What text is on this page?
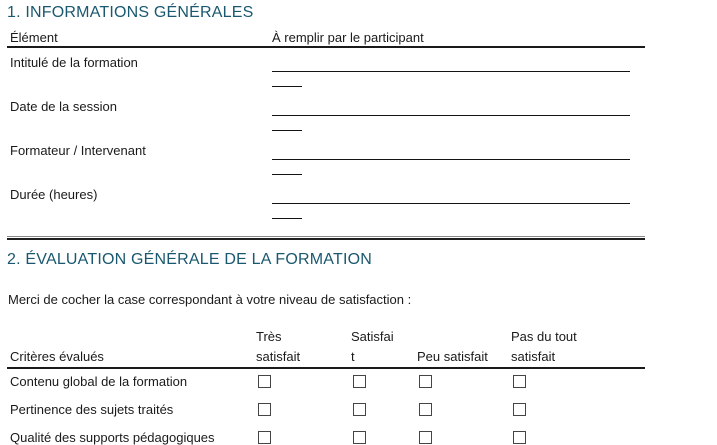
1. INFORMATIONS GÉNÉRALES
Élément	À remplir par le participant
Intitulé de la formation
Date de la session
Formateur / Intervenant
Durée (heures)
2. ÉVALUATION GÉNÉRALE DE LA FORMATION

Merci de cocher la case correspondant à votre niveau de satisfaction :

Critères évalués
Très
satisfait
Satisfai
t	Peu satisfait
Pas du tout
satisfait
Contenu global de la formation
Pertinence des sujets traités
Qualité des supports pédagogiques
